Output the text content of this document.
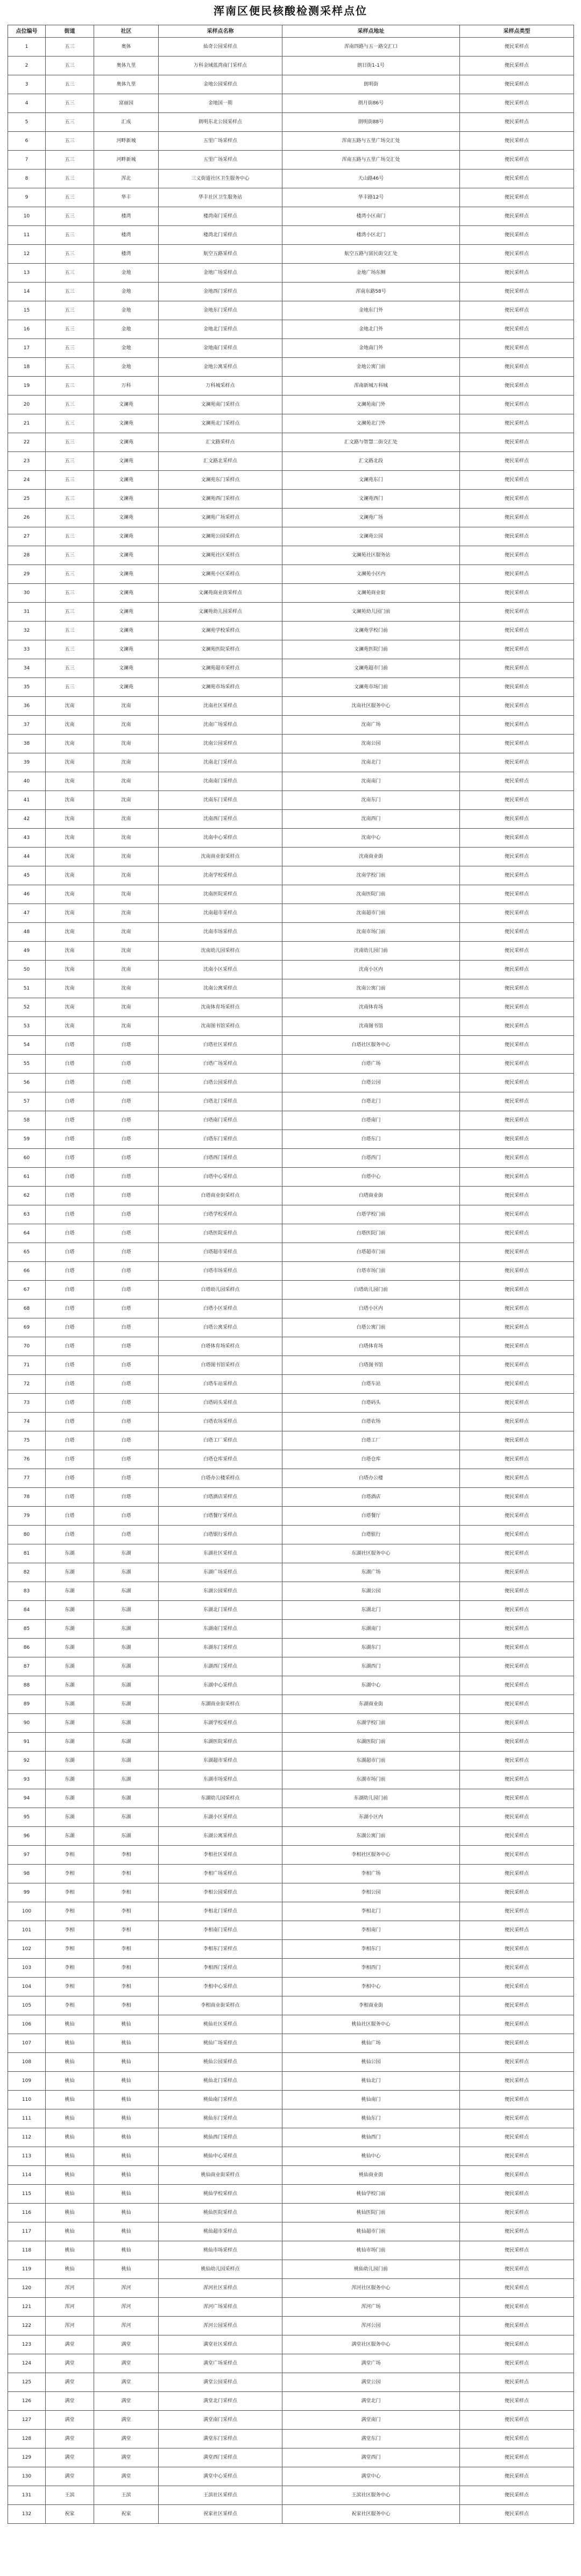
浑南区便民核酸检测采样点位
点位编号	街道	社区	采样点名称	采样点地址	采样点类型
1	五三	奥体	仙奇公园采样点	浑南四路与五一路交汇口	便民采样点
2	五三	奥体九里	万科金域蓝湾南门采样点	朗日街1-1号	便民采样点
3	五三	奥体九里	金地公园采样点	朗明街	便民采样点
4	五三	富丽园	金地国一期	朗月街86号	便民采样点
5	五三	汇成	朗明东北公园采样点	朗明街88号	便民采样点
6	五三	河畔新城	五里广场采样点	浑南五路与五里广场交汇处	便民采样点
7	五三	河畔新城	五里广场采样点	浑南五路与五里广场交汇处	便民采样点
8	五三	浑北	三义街道社区卫生服务中心	天山路46号	便民采样点
9	五三	华丰	华丰社区卫生服务站	华丰路12号	便民采样点
10	五三	楼湾	楼湾南门采样点	楼湾小区南门	便民采样点
11	五三	楼湾	楼湾北门采样点	楼湾小区北门	便民采样点
12	五三	楼湾	航空五路采样点	航空五路与富民街交汇处	便民采样点
13	五三	金地	金地广场采样点	金地广场东侧	便民采样点
14	五三	金地	金地西门采样点	浑南东路58号	便民采样点
15	五三	金地	金地东门采样点	金地东门外	便民采样点
16	五三	金地	金地北门采样点	金地北门外	便民采样点
17	五三	金地	金地南门采样点	金地南门外	便民采样点
18	五三	金地	金地公寓采样点	金地公寓门前	便民采样点
19	五三	万科	万科城采样点	浑南新城万科城	便民采样点
20	五三	文澜苑	文澜苑南门采样点	文澜苑南门外	便民采样点
21	五三	文澜苑	文澜苑北门采样点	文澜苑北门外	便民采样点
22	五三	文澜苑	汇文路采样点	汇文路与智慧二街交汇处	便民采样点
23	五三	文澜苑	汇文路北采样点	汇文路北段	便民采样点
24	五三	文澜苑	文澜苑东门采样点	文澜苑东门	便民采样点
25	五三	文澜苑	文澜苑西门采样点	文澜苑西门	便民采样点
26	五三	文澜苑	文澜苑广场采样点	文澜苑广场	便民采样点
27	五三	文澜苑	文澜苑公园采样点	文澜苑公园	便民采样点
28	五三	文澜苑	文澜苑社区采样点	文澜苑社区服务站	便民采样点
29	五三	文澜苑	文澜苑小区采样点	文澜苑小区内	便民采样点
30	五三	文澜苑	文澜苑商业街采样点	文澜苑商业街	便民采样点
31	五三	文澜苑	文澜苑幼儿园采样点	文澜苑幼儿园门前	便民采样点
32	五三	文澜苑	文澜苑学校采样点	文澜苑学校门前	便民采样点
33	五三	文澜苑	文澜苑医院采样点	文澜苑医院门前	便民采样点
34	五三	文澜苑	文澜苑超市采样点	文澜苑超市门前	便民采样点
35	五三	文澜苑	文澜苑市场采样点	文澜苑市场门前	便民采样点
36	沈南	沈南	沈南社区采样点	沈南社区服务中心	便民采样点
37	沈南	沈南	沈南广场采样点	沈南广场	便民采样点
38	沈南	沈南	沈南公园采样点	沈南公园	便民采样点
39	沈南	沈南	沈南北门采样点	沈南北门	便民采样点
40	沈南	沈南	沈南南门采样点	沈南南门	便民采样点
41	沈南	沈南	沈南东门采样点	沈南东门	便民采样点
42	沈南	沈南	沈南西门采样点	沈南西门	便民采样点
43	沈南	沈南	沈南中心采样点	沈南中心	便民采样点
44	沈南	沈南	沈南商业街采样点	沈南商业街	便民采样点
45	沈南	沈南	沈南学校采样点	沈南学校门前	便民采样点
46	沈南	沈南	沈南医院采样点	沈南医院门前	便民采样点
47	沈南	沈南	沈南超市采样点	沈南超市门前	便民采样点
48	沈南	沈南	沈南市场采样点	沈南市场门前	便民采样点
49	沈南	沈南	沈南幼儿园采样点	沈南幼儿园门前	便民采样点
50	沈南	沈南	沈南小区采样点	沈南小区内	便民采样点
51	沈南	沈南	沈南公寓采样点	沈南公寓门前	便民采样点
52	沈南	沈南	沈南体育场采样点	沈南体育场	便民采样点
53	沈南	沈南	沈南图书馆采样点	沈南图书馆	便民采样点
54	白塔	白塔	白塔社区采样点	白塔社区服务中心	便民采样点
55	白塔	白塔	白塔广场采样点	白塔广场	便民采样点
56	白塔	白塔	白塔公园采样点	白塔公园	便民采样点
57	白塔	白塔	白塔北门采样点	白塔北门	便民采样点
58	白塔	白塔	白塔南门采样点	白塔南门	便民采样点
59	白塔	白塔	白塔东门采样点	白塔东门	便民采样点
60	白塔	白塔	白塔西门采样点	白塔西门	便民采样点
61	白塔	白塔	白塔中心采样点	白塔中心	便民采样点
62	白塔	白塔	白塔商业街采样点	白塔商业街	便民采样点
63	白塔	白塔	白塔学校采样点	白塔学校门前	便民采样点
64	白塔	白塔	白塔医院采样点	白塔医院门前	便民采样点
65	白塔	白塔	白塔超市采样点	白塔超市门前	便民采样点
66	白塔	白塔	白塔市场采样点	白塔市场门前	便民采样点
67	白塔	白塔	白塔幼儿园采样点	白塔幼儿园门前	便民采样点
68	白塔	白塔	白塔小区采样点	白塔小区内	便民采样点
69	白塔	白塔	白塔公寓采样点	白塔公寓门前	便民采样点
70	白塔	白塔	白塔体育场采样点	白塔体育场	便民采样点
71	白塔	白塔	白塔图书馆采样点	白塔图书馆	便民采样点
72	白塔	白塔	白塔车站采样点	白塔车站	便民采样点
73	白塔	白塔	白塔码头采样点	白塔码头	便民采样点
74	白塔	白塔	白塔农场采样点	白塔农场	便民采样点
75	白塔	白塔	白塔工厂采样点	白塔工厂	便民采样点
76	白塔	白塔	白塔仓库采样点	白塔仓库	便民采样点
77	白塔	白塔	白塔办公楼采样点	白塔办公楼	便民采样点
78	白塔	白塔	白塔酒店采样点	白塔酒店	便民采样点
79	白塔	白塔	白塔餐厅采样点	白塔餐厅	便民采样点
80	白塔	白塔	白塔银行采样点	白塔银行	便民采样点
81	东湖	东湖	东湖社区采样点	东湖社区服务中心	便民采样点
82	东湖	东湖	东湖广场采样点	东湖广场	便民采样点
83	东湖	东湖	东湖公园采样点	东湖公园	便民采样点
84	东湖	东湖	东湖北门采样点	东湖北门	便民采样点
85	东湖	东湖	东湖南门采样点	东湖南门	便民采样点
86	东湖	东湖	东湖东门采样点	东湖东门	便民采样点
87	东湖	东湖	东湖西门采样点	东湖西门	便民采样点
88	东湖	东湖	东湖中心采样点	东湖中心	便民采样点
89	东湖	东湖	东湖商业街采样点	东湖商业街	便民采样点
90	东湖	东湖	东湖学校采样点	东湖学校门前	便民采样点
91	东湖	东湖	东湖医院采样点	东湖医院门前	便民采样点
92	东湖	东湖	东湖超市采样点	东湖超市门前	便民采样点
93	东湖	东湖	东湖市场采样点	东湖市场门前	便民采样点
94	东湖	东湖	东湖幼儿园采样点	东湖幼儿园门前	便民采样点
95	东湖	东湖	东湖小区采样点	东湖小区内	便民采样点
96	东湖	东湖	东湖公寓采样点	东湖公寓门前	便民采样点
97	李相	李相	李相社区采样点	李相社区服务中心	便民采样点
98	李相	李相	李相广场采样点	李相广场	便民采样点
99	李相	李相	李相公园采样点	李相公园	便民采样点
100	李相	李相	李相北门采样点	李相北门	便民采样点
101	李相	李相	李相南门采样点	李相南门	便民采样点
102	李相	李相	李相东门采样点	李相东门	便民采样点
103	李相	李相	李相西门采样点	李相西门	便民采样点
104	李相	李相	李相中心采样点	李相中心	便民采样点
105	李相	李相	李相商业街采样点	李相商业街	便民采样点
106	桃仙	桃仙	桃仙社区采样点	桃仙社区服务中心	便民采样点
107	桃仙	桃仙	桃仙广场采样点	桃仙广场	便民采样点
108	桃仙	桃仙	桃仙公园采样点	桃仙公园	便民采样点
109	桃仙	桃仙	桃仙北门采样点	桃仙北门	便民采样点
110	桃仙	桃仙	桃仙南门采样点	桃仙南门	便民采样点
111	桃仙	桃仙	桃仙东门采样点	桃仙东门	便民采样点
112	桃仙	桃仙	桃仙西门采样点	桃仙西门	便民采样点
113	桃仙	桃仙	桃仙中心采样点	桃仙中心	便民采样点
114	桃仙	桃仙	桃仙商业街采样点	桃仙商业街	便民采样点
115	桃仙	桃仙	桃仙学校采样点	桃仙学校门前	便民采样点
116	桃仙	桃仙	桃仙医院采样点	桃仙医院门前	便民采样点
117	桃仙	桃仙	桃仙超市采样点	桃仙超市门前	便民采样点
118	桃仙	桃仙	桃仙市场采样点	桃仙市场门前	便民采样点
119	桃仙	桃仙	桃仙幼儿园采样点	桃仙幼儿园门前	便民采样点
120	浑河	浑河	浑河社区采样点	浑河社区服务中心	便民采样点
121	浑河	浑河	浑河广场采样点	浑河广场	便民采样点
122	浑河	浑河	浑河公园采样点	浑河公园	便民采样点
123	满堂	满堂	满堂社区采样点	满堂社区服务中心	便民采样点
124	满堂	满堂	满堂广场采样点	满堂广场	便民采样点
125	满堂	满堂	满堂公园采样点	满堂公园	便民采样点
126	满堂	满堂	满堂北门采样点	满堂北门	便民采样点
127	满堂	满堂	满堂南门采样点	满堂南门	便民采样点
128	满堂	满堂	满堂东门采样点	满堂东门	便民采样点
129	满堂	满堂	满堂西门采样点	满堂西门	便民采样点
130	满堂	满堂	满堂中心采样点	满堂中心	便民采样点
131	王滨	王滨	王滨社区采样点	王滨社区服务中心	便民采样点
132	祝家	祝家	祝家社区采样点	祝家社区服务中心	便民采样点
